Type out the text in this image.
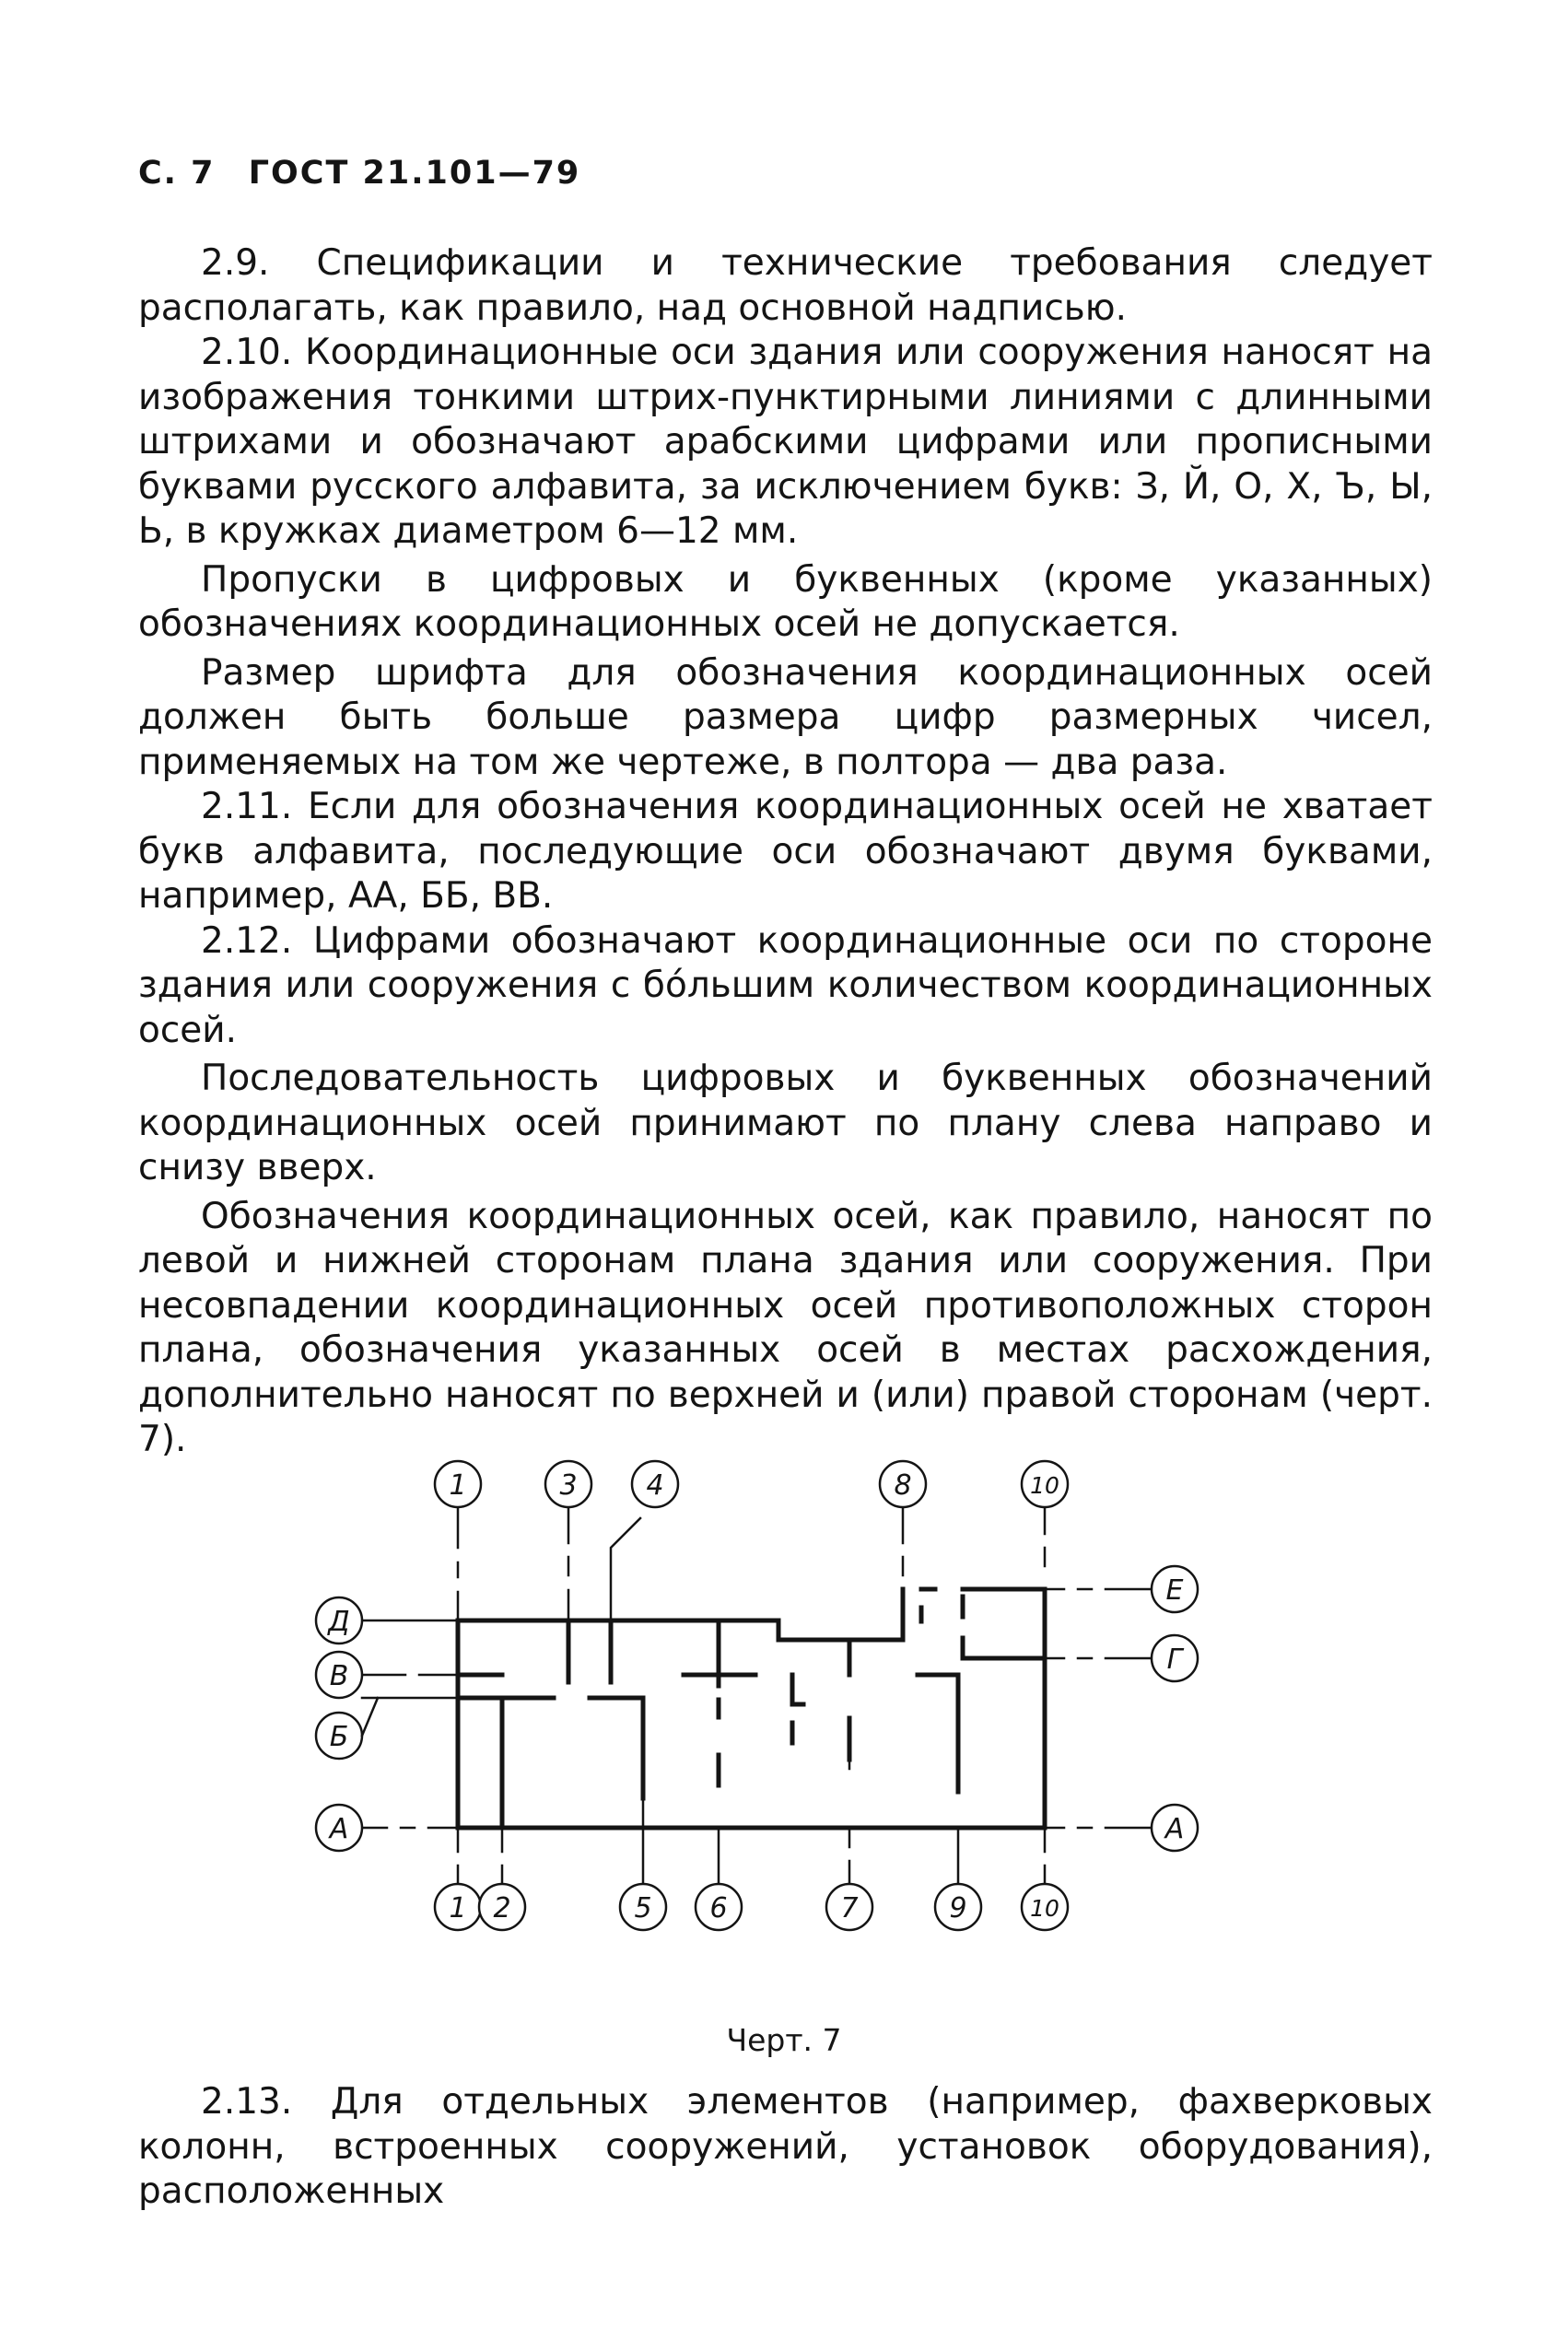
С. 7 ГОСТ 21.101—79

2.9. Спецификации и технические требования следует располагать, как правило, над основной надписью.

2.10. Координационные оси здания или сооружения наносят на изображения тонкими штрих-пунктирными линиями с длинными штрихами и обозначают арабскими цифрами или прописными буквами русского алфавита, за исключением букв: З, Й, О, Х, Ъ, Ы, Ь, в кружках диаметром 6—12 мм.

Пропуски в цифровых и буквенных (кроме указанных) обозначениях координационных осей не допускается.

Размер шрифта для обозначения координационных осей должен быть больше размера цифр размерных чисел, применяемых на том же чертеже, в полтора — два раза.

2.11. Если для обозначения координационных осей не хватает букв алфавита, последующие оси обозначают двумя буквами, например, АА, ББ, ВВ.

2.12. Цифрами обозначают координационные оси по стороне здания или сооружения с бóльшим количеством координационных осей.

Последовательность цифровых и буквенных обозначений координационных осей принимают по плану слева направо и снизу вверх.

Обозначения координационных осей, как правило, наносят по левой и нижней сторонам плана здания или сооружения. При несовпадении координационных осей противоположных сторон плана, обозначения указанных осей в местах расхождения, дополнительно наносят по верхней и (или) правой сторонам (черт. 7).

1	3 4	8	10
Д
В
Б
А
Е
Г
А
1 2	5 6	7	9	10
Черт. 7

2.13. Для отдельных элементов (например, фахверковых колонн, встроенных сооружений, установок оборудования), расположенных
